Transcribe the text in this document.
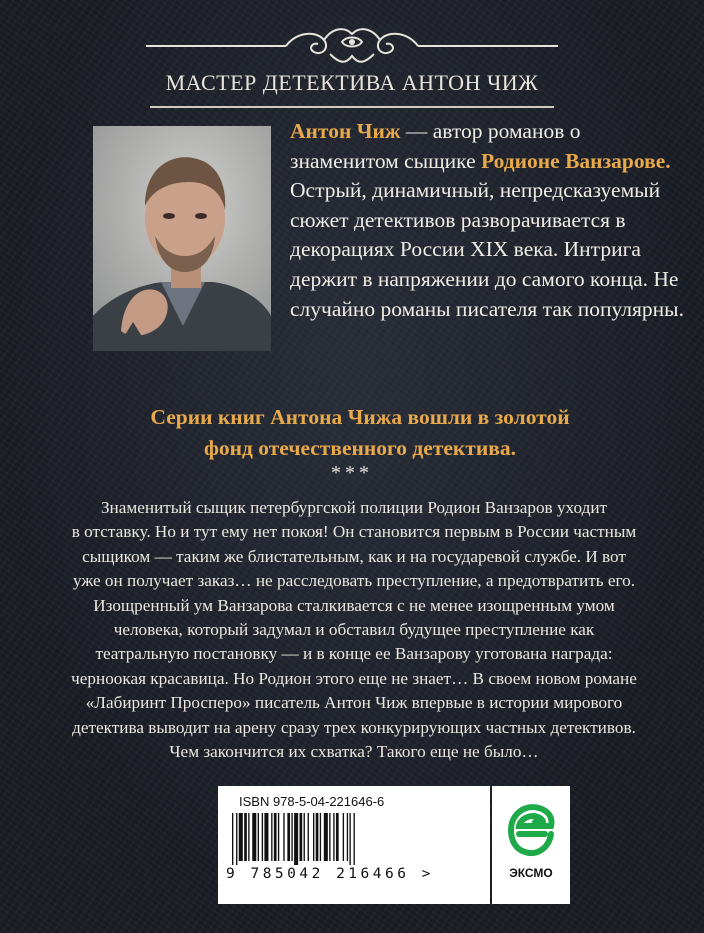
МАСТЕР ДЕТЕКТИВА АНТОН ЧИЖ
Антон Чиж — автор романов о знаменитом сыщике Родионе Ванзарове. Острый, динамичный, непредсказуемый сюжет детективов разворачивается в декорациях России XIX века. Интрига держит в напряжении до самого конца. Не случайно романы писателя так популярны.
Серии книг Антона Чижа вошли в золотой
фонд отечественного детектива.
***
Знаменитый сыщик петербургской полиции Родион Ванзаров уходит
в отставку. Но и тут ему нет покоя! Он становится первым в России частным
сыщиком — таким же блистательным, как и на государевой службе. И вот
уже он получает заказ… не расследовать преступление, а предотвратить его.
Изощренный ум Ванзарова сталкивается с не менее изощренным умом
человека, который задумал и обставил будущее преступление как
театральную постановку — и в конце ее Ванзарову уготована награда:
черноокая красавица. Но Родион этого еще не знает… В своем новом романе
«Лабиринт Просперо» писатель Антон Чиж впервые в истории мирового
детектива выводит на арену сразу трех конкурирующих частных детективов.
Чем закончится их схватка? Такого еще не было…
ISBN 978-5-04-221646-6
9 785042 216466 >	ЭКСМО
